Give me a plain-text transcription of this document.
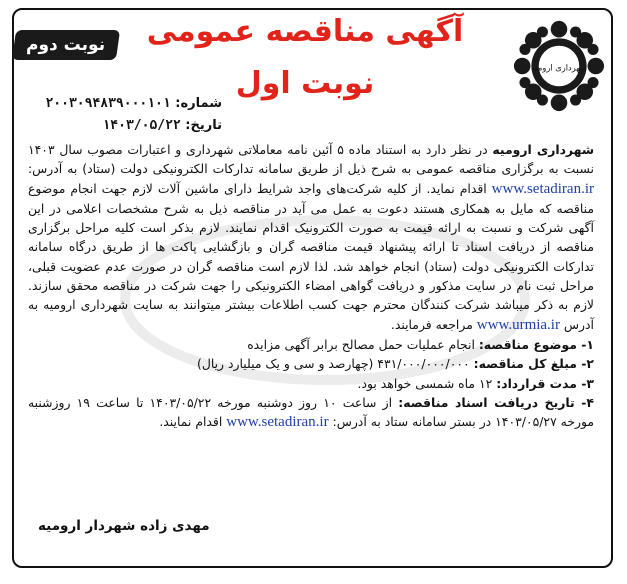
شهرداری ارومیه
آگهی مناقصه عمومی
نوبت اول
نوبت دوم
شماره: ۲۰۰۳۰۹۴۸۳۹۰۰۰۱۰۱
تاریخ: ۱۴۰۳/۰۵/۲۲
شهرداری ارومیه در نظر دارد به استناد ماده ۵ آئین نامه معاملاتی شهرداری و اعتبارات مصوب سال ۱۴۰۳ نسبت به برگزاری مناقصه عمومی به شرح ذیل از طریق سامانه تدارکات الکترونیکی دولت (ستاد) به آدرس: www.setadiran.ir اقدام نماید. از کلیه شرکت‌های واجد شرایط دارای ماشین آلات لازم جهت انجام موضوع مناقصه که مایل به همکاری هستند دعوت به عمل می آید در مناقصه ذیل به شرح مشخصات اعلامی در این آگهی شرکت و نسبت به ارائه قیمت به صورت الکترونیک اقدام نمایند. لازم بذکر است کلیه مراحل برگزاری مناقصه از دریافت اسناد تا ارائه پیشنهاد قیمت مناقصه گران و بازگشایی پاکت ها از طریق درگاه سامانه تدارکات الکترونیکی دولت (ستاد) انجام خواهد شد. لذا لازم است مناقصه گران در صورت عدم عضویت قبلی، مراحل ثبت نام در سایت مذکور و دریافت گواهی امضاء الکترونیکی را جهت شرکت در مناقصه محقق سازند. لازم به ذکر میباشد شرکت کنندگان محترم جهت کسب اطلاعات بیشتر میتوانند به سایت شهرداری ارومیه به آدرس www.urmia.ir مراجعه فرمایند.
۱- موضوع مناقصه: انجام عملیات حمل مصالح برابر آگهی مزایده
۲- مبلغ کل مناقصه: ۴۳۱/۰۰۰/۰۰۰/۰۰۰ (چهارصد و سی و یک میلیارد ریال)
۳- مدت قرارداد: ۱۲ ماه شمسی خواهد بود.
۴- تاریخ دریافت اسناد مناقصه: از ساعت ۱۰ روز دوشنبه مورخه ۱۴۰۳/۰۵/۲۲ تا ساعت ۱۹ روزشنبه مورخه ۱۴۰۳/۰۵/۲۷ در بستر سامانه ستاد به آدرس: www.setadiran.ir اقدام نمایند.
مهدی زاده شهردار ارومیه
